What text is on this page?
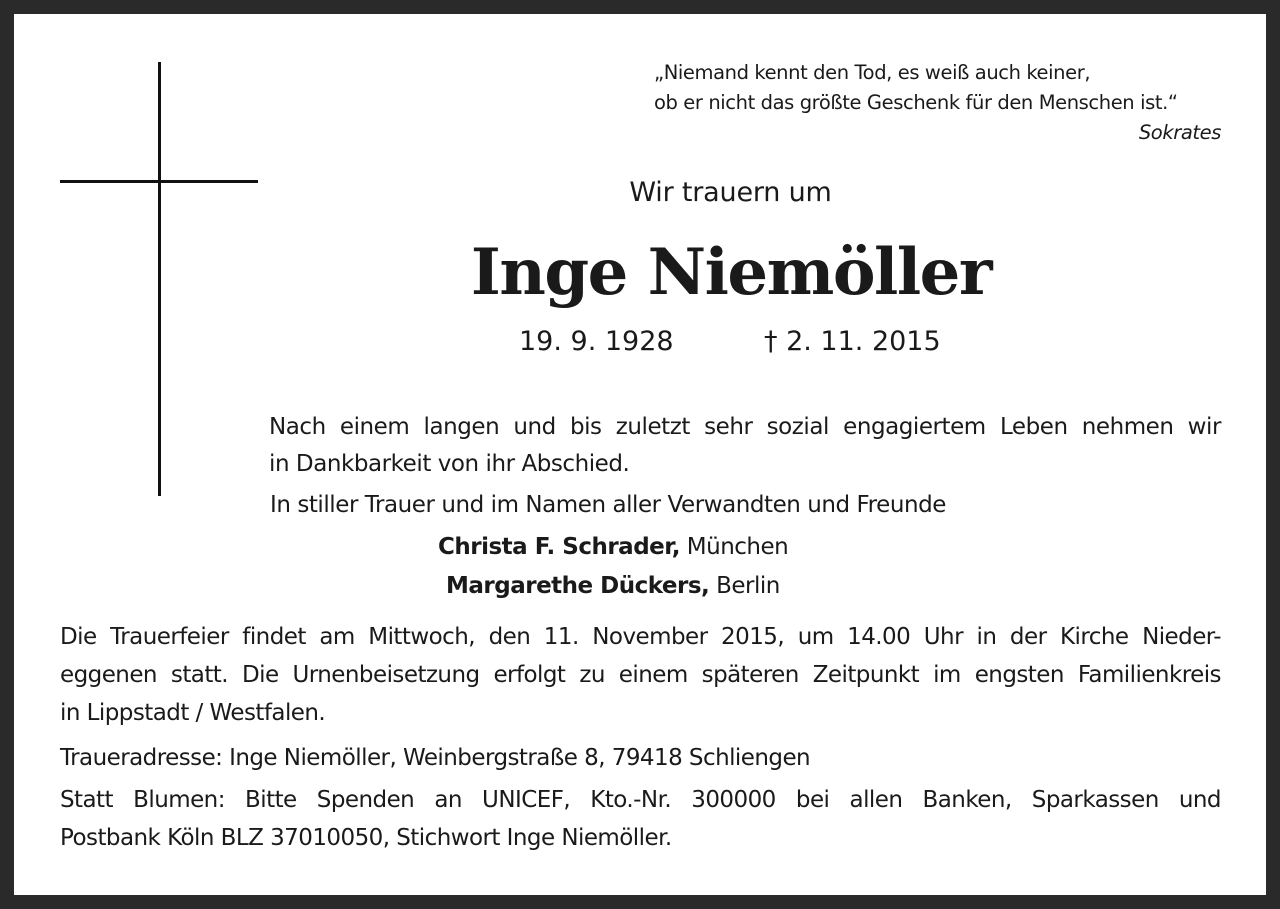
„Niemand kennt den Tod, es weiß auch keiner,
ob er nicht das größte Geschenk für den Menschen ist.“
Sokrates
Wir trauern um
Inge Niemöller
19. 9. 1928	† 2. 11. 2015
Nach einem langen und bis zuletzt sehr sozial engagiertem Leben nehmen wir
in Dankbarkeit von ihr Abschied.
In stiller Trauer und im Namen aller Verwandten und Freunde
Christa F. Schrader, München
Margarethe Dückers, Berlin
Die Trauerfeier findet am Mittwoch, den 11. November 2015, um 14.00 Uhr in der Kirche Nieder-
eggenen statt. Die Urnenbeisetzung erfolgt zu einem späteren Zeitpunkt im engsten Familienkreis
in Lippstadt / Westfalen.
Traueradresse: Inge Niemöller, Weinbergstraße 8, 79418 Schliengen
Statt Blumen: Bitte Spenden an UNICEF, Kto.-Nr. 300000 bei allen Banken, Sparkassen und
Postbank Köln BLZ 37010050, Stichwort Inge Niemöller.
